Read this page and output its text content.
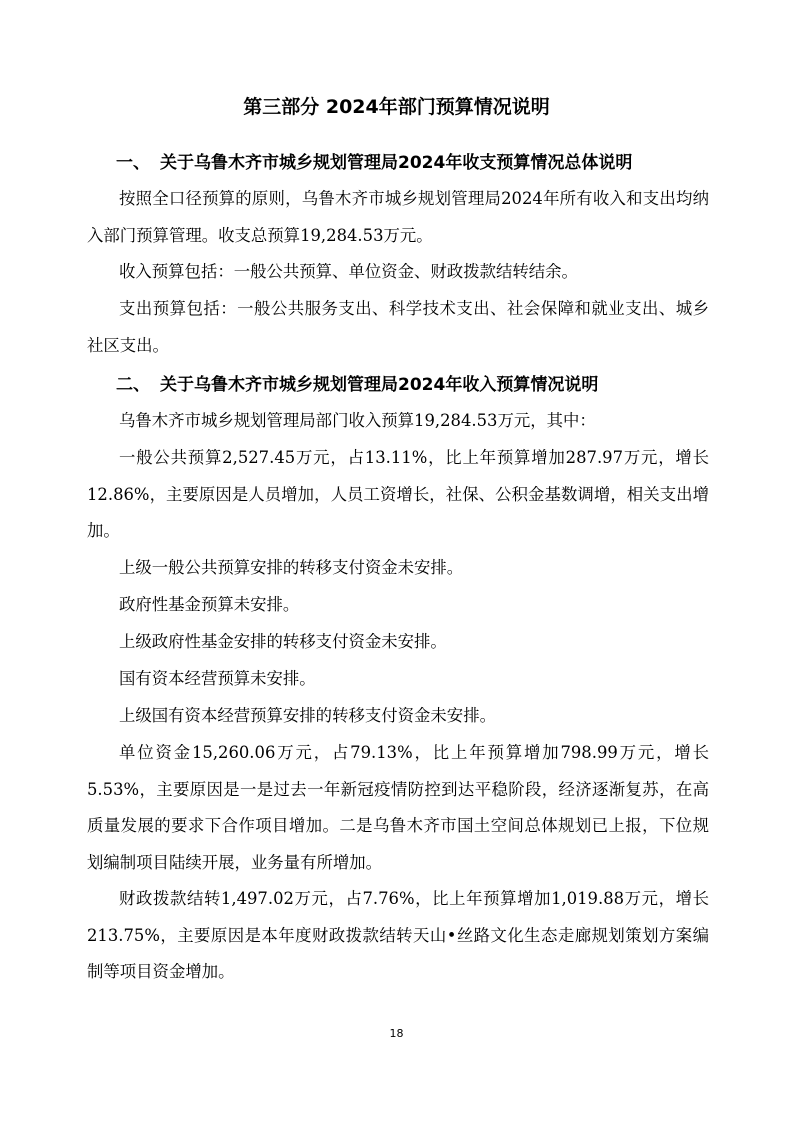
第三部分 2024年部门预算情况说明
一、 关于乌鲁木齐市城乡规划管理局2024年收支预算情况总体说明

按照全口径预算的原则，乌鲁木齐市城乡规划管理局2024年所有收入和支出均纳入部门预算管理。收支总预算19,284.53万元。

收入预算包括：一般公共预算、单位资金、财政拨款结转结余。

支出预算包括：一般公共服务支出、科学技术支出、社会保障和就业支出、城乡社区支出。

二、 关于乌鲁木齐市城乡规划管理局2024年收入预算情况说明

乌鲁木齐市城乡规划管理局部门收入预算19,284.53万元，其中：

一般公共预算2,527.45万元，占13.11%，比上年预算增加287.97万元，增长12.86%，主要原因是人员增加，人员工资增长，社保、公积金基数调增，相关支出增加。

上级一般公共预算安排的转移支付资金未安排。

政府性基金预算未安排。

上级政府性基金安排的转移支付资金未安排。

国有资本经营预算未安排。

上级国有资本经营预算安排的转移支付资金未安排。

单位资金15,260.06万元，占79.13%，比上年预算增加798.99万元，增长5.53%，主要原因是一是过去一年新冠疫情防控到达平稳阶段，经济逐渐复苏，在高质量发展的要求下合作项目增加。二是乌鲁木齐市国土空间总体规划已上报，下位规划编制项目陆续开展，业务量有所增加。

财政拨款结转1,497.02万元，占7.76%，比上年预算增加1,019.88万元，增长213.75%，主要原因是本年度财政拨款结转天山•丝路文化生态走廊规划策划方案编制等项目资金增加。

18
